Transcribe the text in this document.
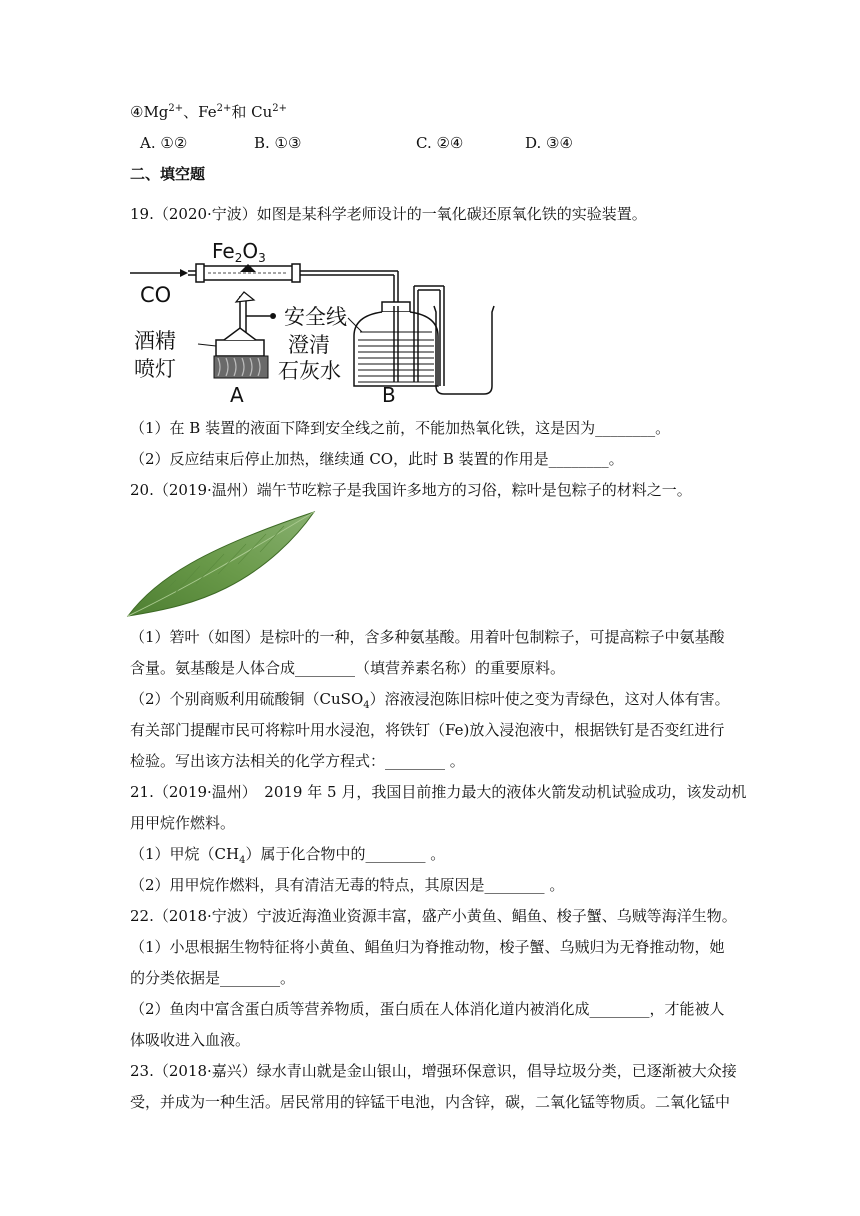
$④Mg^{2+}$、$Fe^{2+}$和 $Cu^{2+}$
A. ①②	B. ①③	C. ②④	D. ③④
二、填空题
19.（2020·宁波）如图是某科学老师设计的一氧化碳还原氧化铁的实验装置。
$Fe_2O_3$
CO
酒精
喷灯
A
安全线
澄清
石灰水
B
（1）在 B 装置的液面下降到安全线之前，不能加热氧化铁，这是因为________。
（2）反应结束后停止加热，继续通 CO，此时 B 装置的作用是________。
20.（2019·温州）端午节吃粽子是我国许多地方的习俗，粽叶是包粽子的材料之一。
（1）箬叶（如图）是棕叶的一种，含多种氨基酸。用着叶包制粽子，可提高粽子中氨基酸
含量。氨基酸是人体合成________（填营养素名称）的重要原料。
（2）个别商贩利用硫酸铜（CuSO$_4$）溶液浸泡陈旧棕叶使之变为青绿色，这对人体有害。
有关部门提醒市民可将粽叶用水浸泡，将铁钉（Fe)放入浸泡液中，根据铁钉是否变红进行
检验。写出该方法相关的化学方程式：________ 。
21.（2019·温州）　2019 年 5 月，我国目前推力最大的液体火箭发动机试验成功，该发动机
用甲烷作燃料。
（1）甲烷$(CH_4)$属于化合物中的________ 。
（2）用甲烷作燃料，具有清洁无毒的特点，其原因是________ 。
22.（2018·宁波）宁波近海渔业资源丰富，盛产小黄鱼、鲳鱼、梭子蟹、乌贼等海洋生物。
（1）小思根据生物特征将小黄鱼、鲳鱼归为脊推动物，梭子蟹、乌贼归为无脊推动物，她
的分类依据是________。
（2）鱼肉中富含蛋白质等营养物质，蛋白质在人体消化道内被消化成________，才能被人
体吸收进入血液。
23.（2018·嘉兴）绿水青山就是金山银山，增强环保意识，倡导垃圾分类，已逐渐被大众接
受，并成为一种生活。居民常用的锌锰干电池，内含锌，碳，二氧化锰等物质。二氧化锰中
